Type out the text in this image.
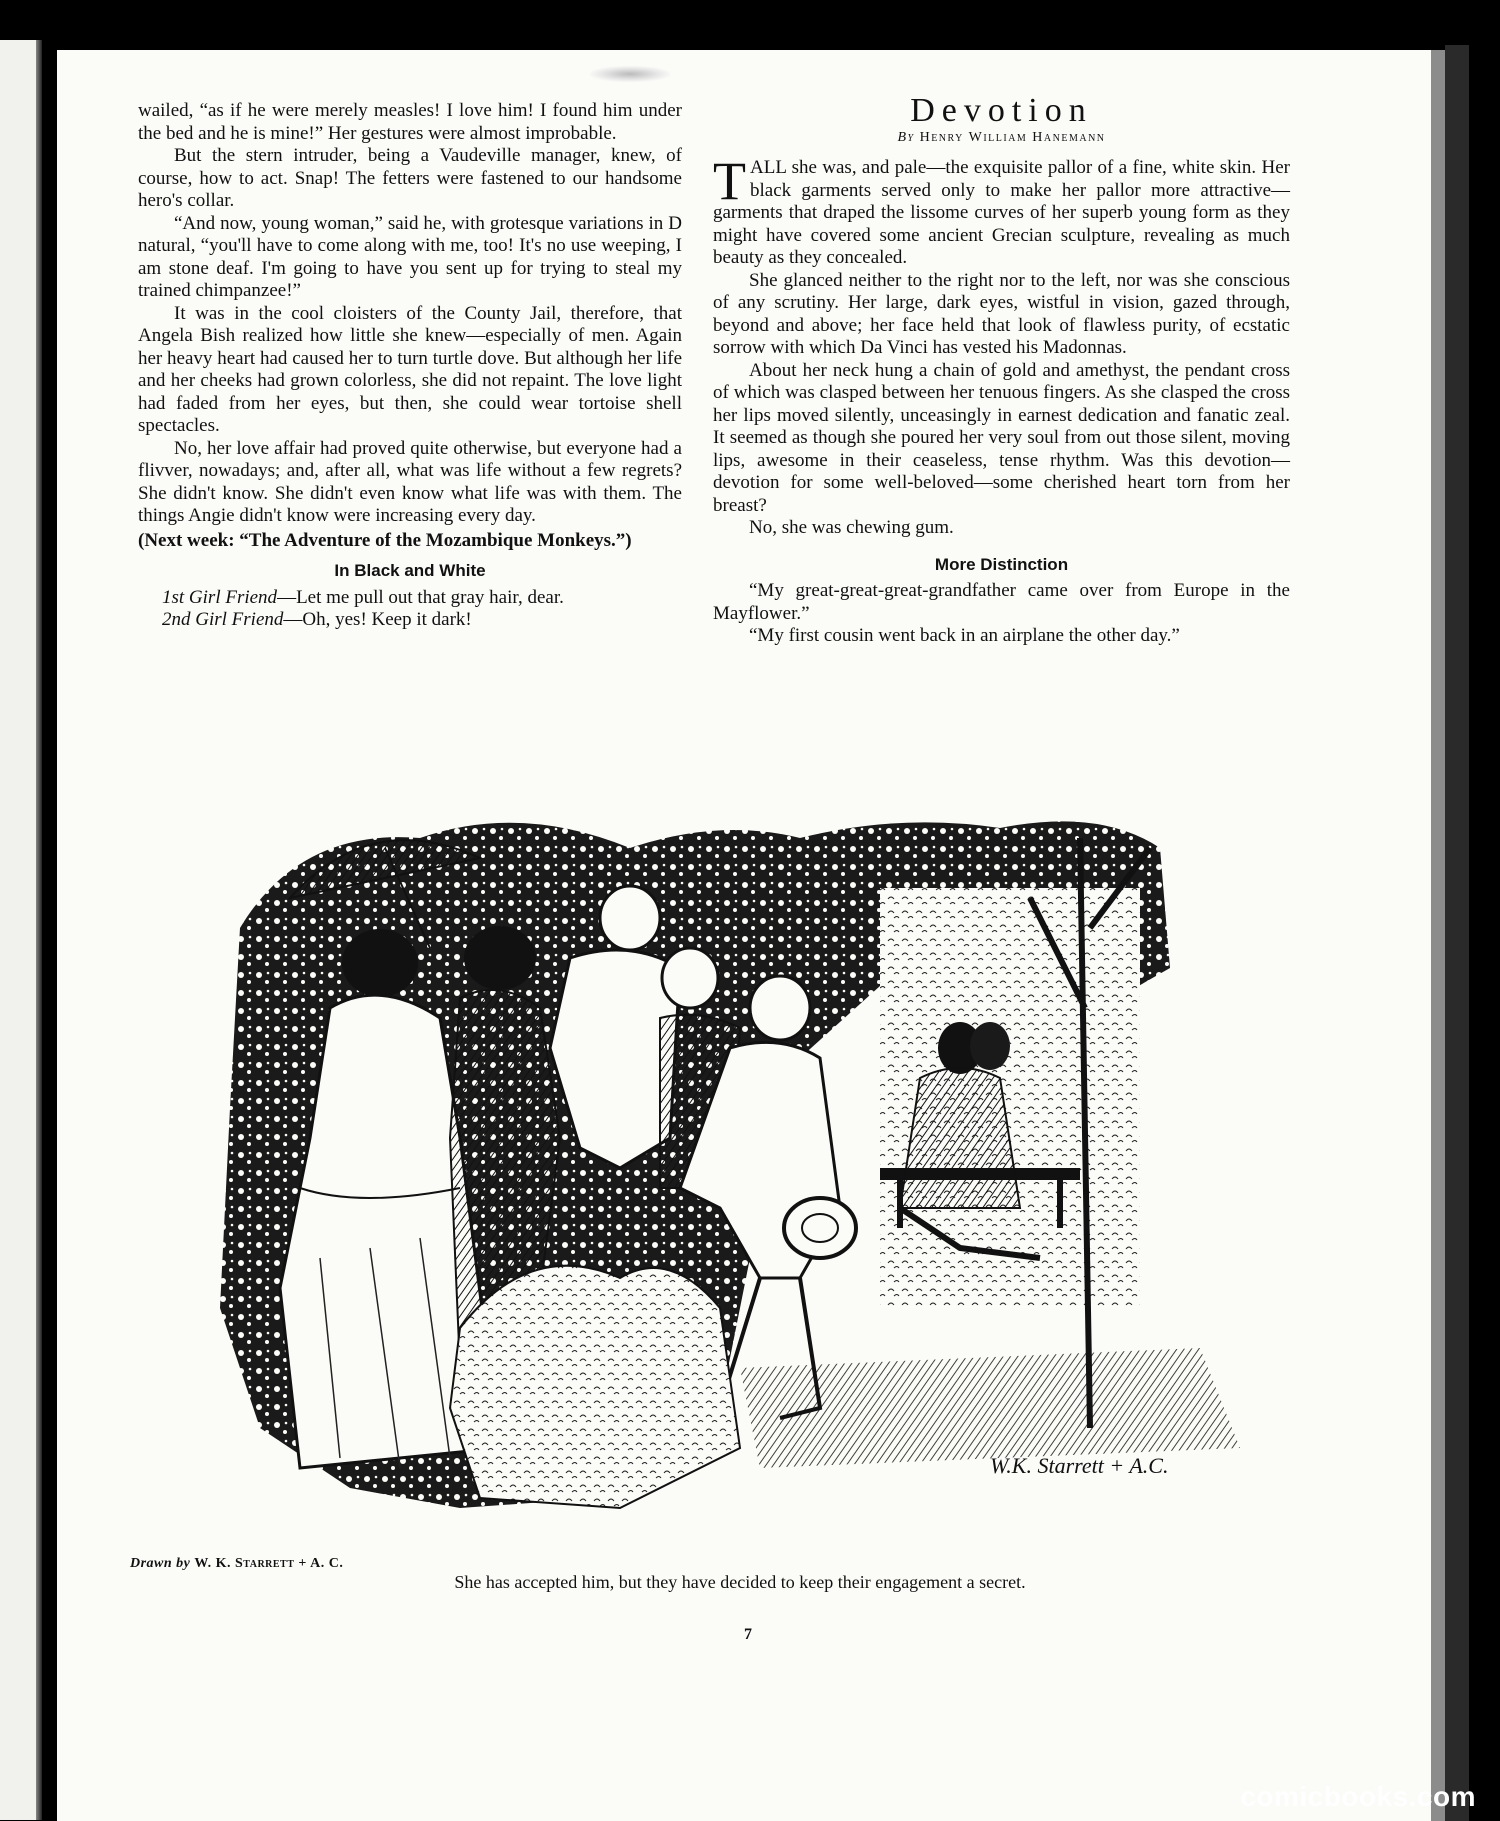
wailed, “as if he were merely measles! I love him! I found him under the bed and he is mine!” Her gestures were almost improbable.

But the stern intruder, being a Vaudeville manager, knew, of course, how to act. Snap! The fetters were fastened to our handsome hero's collar.

“And now, young woman,” said he, with grotesque variations in D natural, “you'll have to come along with me, too! It's no use weeping, I am stone deaf. I'm going to have you sent up for trying to steal my trained chimpanzee!”

It was in the cool cloisters of the County Jail, therefore, that Angela Bish realized how little she knew—especially of men. Again her heavy heart had caused her to turn turtle dove. But although her life and her cheeks had grown colorless, she did not repaint. The love light had faded from her eyes, but then, she could wear tortoise shell spectacles.

No, her love affair had proved quite otherwise, but everyone had a flivver, nowadays; and, after all, what was life without a few regrets? She didn't know. She didn't even know what life was with them. The things Angie didn't know were increasing every day.

(Next week: “The Adventure of the Mozambique Monkeys.”)

In Black and White

1st Girl Friend—Let me pull out that gray hair, dear.

2nd Girl Friend—Oh, yes! Keep it dark!

Devotion
By Henry William Hanemann

TALL she was, and pale—the exquisite pallor of a fine, white skin. Her black garments served only to make her pallor more attractive—garments that draped the lissome curves of her superb young form as they might have covered some ancient Grecian sculpture, revealing as much beauty as they concealed.

She glanced neither to the right nor to the left, nor was she conscious of any scrutiny. Her large, dark eyes, wistful in vision, gazed through, beyond and above; her face held that look of flawless purity, of ecstatic sorrow with which Da Vinci has vested his Madonnas.

About her neck hung a chain of gold and amethyst, the pendant cross of which was clasped between her tenuous fingers. As she clasped the cross her lips moved silently, unceasingly in earnest dedication and fanatic zeal. It seemed as though she poured her very soul from out those silent, moving lips, awesome in their ceaseless, tense rhythm. Was this devotion—devotion for some well-beloved—some cherished heart torn from her breast?

No, she was chewing gum.

More Distinction

“My great-great-great-grandfather came over from Europe in the Mayflower.”

“My first cousin went back in an airplane the other day.”

W.K. Starrett + A.C.
Drawn by W. K. Starrett + A. C.
She has accepted him, but they have decided to keep their engagement a secret.
7
comicbooks.com
